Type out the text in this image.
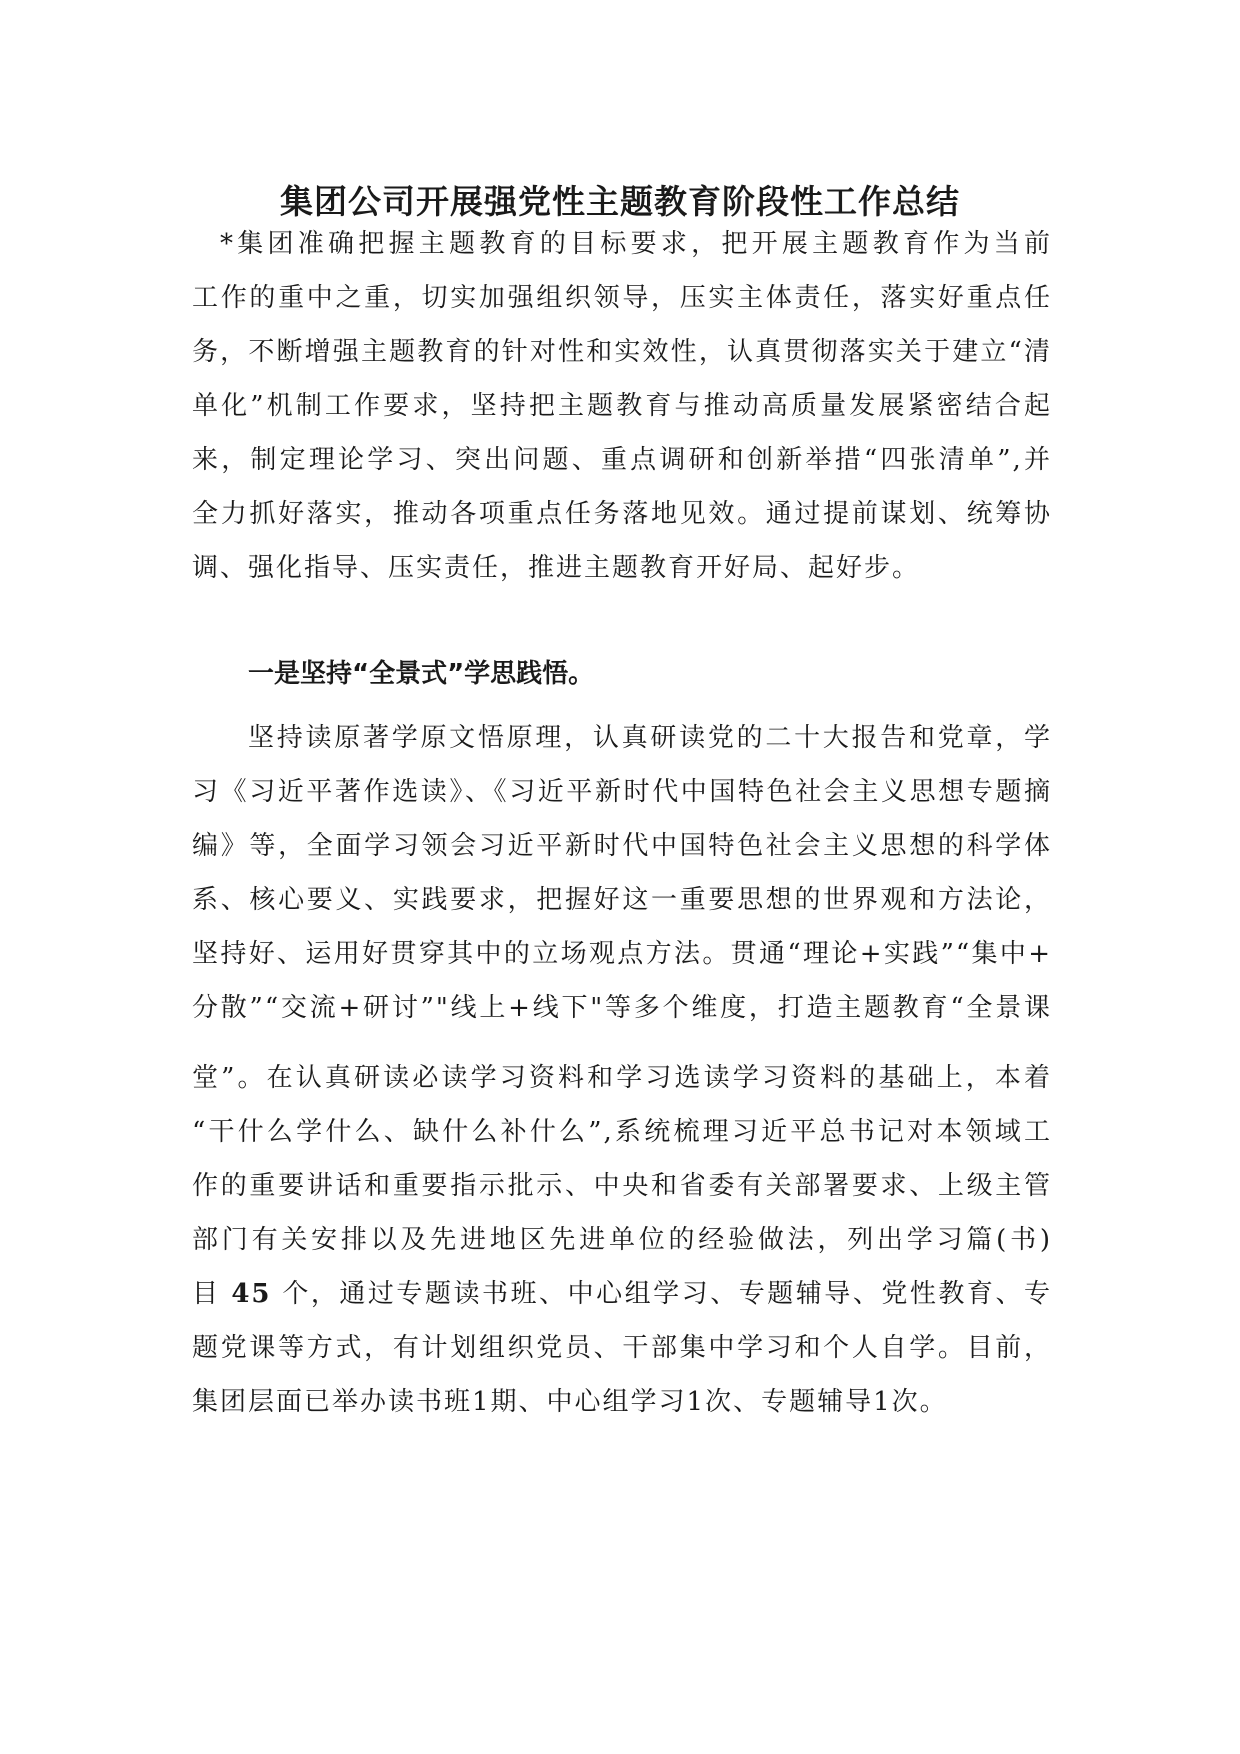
集团公司开展强党性主题教育阶段性工作总结
*集团准确把握主题教育的目标要求，把开展主题教育作为当前
工作的重中之重，切实加强组织领导，压实主体责任，落实好重点任
务，不断增强主题教育的针对性和实效性，认真贯彻落实关于建立“清
单化”机制工作要求，坚持把主题教育与推动高质量发展紧密结合起
来，制定理论学习、突出问题、重点调研和创新举措“四张清单”,并
全力抓好落实，推动各项重点任务落地见效。通过提前谋划、统筹协
调、强化指导、压实责任，推进主题教育开好局、起好步。
一是坚持“全景式”学思践悟。
坚持读原著学原文悟原理，认真研读党的二十大报告和党章，学
习《习近平著作选读》、《习近平新时代中国特色社会主义思想专题摘
编》等，全面学习领会习近平新时代中国特色社会主义思想的科学体
系、核心要义、实践要求，把握好这一重要思想的世界观和方法论，
坚持好、运用好贯穿其中的立场观点方法。贯通“理论+实践”“集中+
分散”“交流+研讨”"线上+线下"等多个维度，打造主题教育“全景课
堂”。在认真研读必读学习资料和学习选读学习资料的基础上，本着
“干什么学什么、缺什么补什么”,系统梳理习近平总书记对本领域工
作的重要讲话和重要指示批示、中央和省委有关部署要求、上级主管
部门有关安排以及先进地区先进单位的经验做法，列出学习篇(书)
目 45 个，通过专题读书班、中心组学习、专题辅导、党性教育、专
题党课等方式，有计划组织党员、干部集中学习和个人自学。目前，
集团层面已举办读书班1期、中心组学习1次、专题辅导1次。
